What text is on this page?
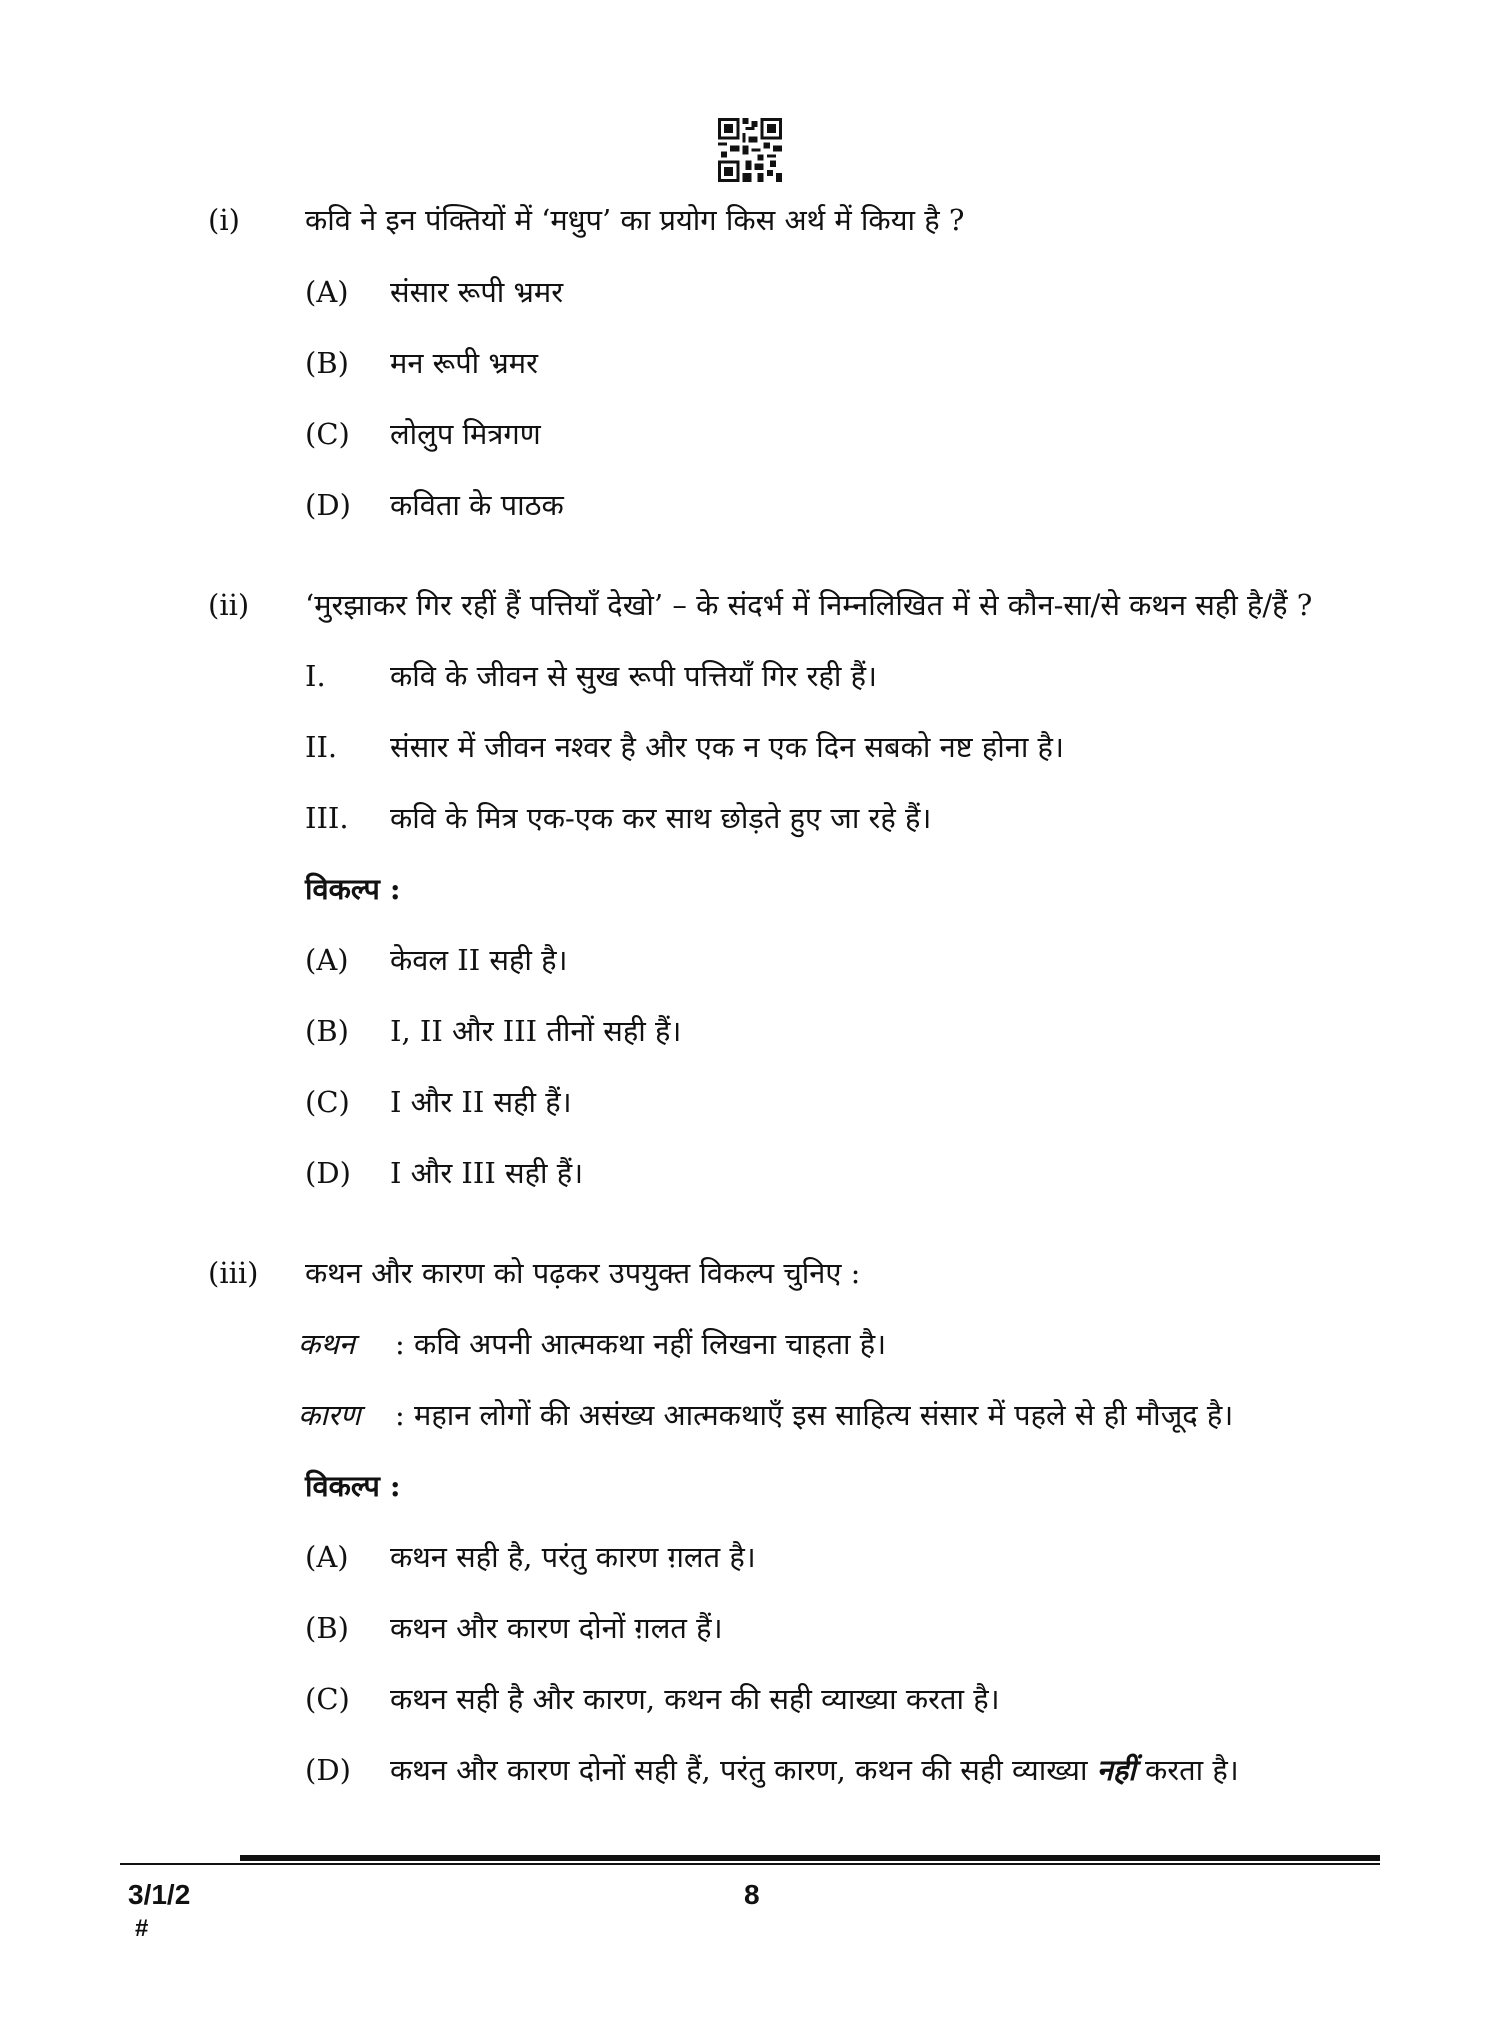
(i) कवि ने इन पंक्तियों में ‘मधुप’ का प्रयोग किस अर्थ में किया है ?
(A) संसार रूपी भ्रमर
(B) मन रूपी भ्रमर
(C) लोलुप मित्रगण
(D) कविता के पाठक
(ii) ‘मुरझाकर गिर रहीं हैं पत्तियाँ देखो’ – के संदर्भ में निम्नलिखित में से कौन-सा/से कथन सही है/हैं ?
I. कवि के जीवन से सुख रूपी पत्तियाँ गिर रही हैं।
II. संसार में जीवन नश्वर है और एक न एक दिन सबको नष्ट होना है।
III. कवि के मित्र एक-एक कर साथ छोड़ते हुए जा रहे हैं।
विकल्प :
(A) केवल II सही है।
(B) I, II और III तीनों सही हैं।
(C) I और II सही हैं।
(D) I और III सही हैं।
(iii) कथन और कारण को पढ़कर उपयुक्त विकल्प चुनिए :
कथन : कवि अपनी आत्मकथा नहीं लिखना चाहता है।
कारण : महान लोगों की असंख्य आत्मकथाएँ इस साहित्य संसार में पहले से ही मौजूद है।
विकल्प :
(A) कथन सही है, परंतु कारण ग़लत है।
(B) कथन और कारण दोनों ग़लत हैं।
(C) कथन सही है और कारण, कथन की सही व्याख्या करता है।
(D) कथन और कारण दोनों सही हैं, परंतु कारण, कथन की सही व्याख्या नहीं करता है।
3/1/2
#
8
